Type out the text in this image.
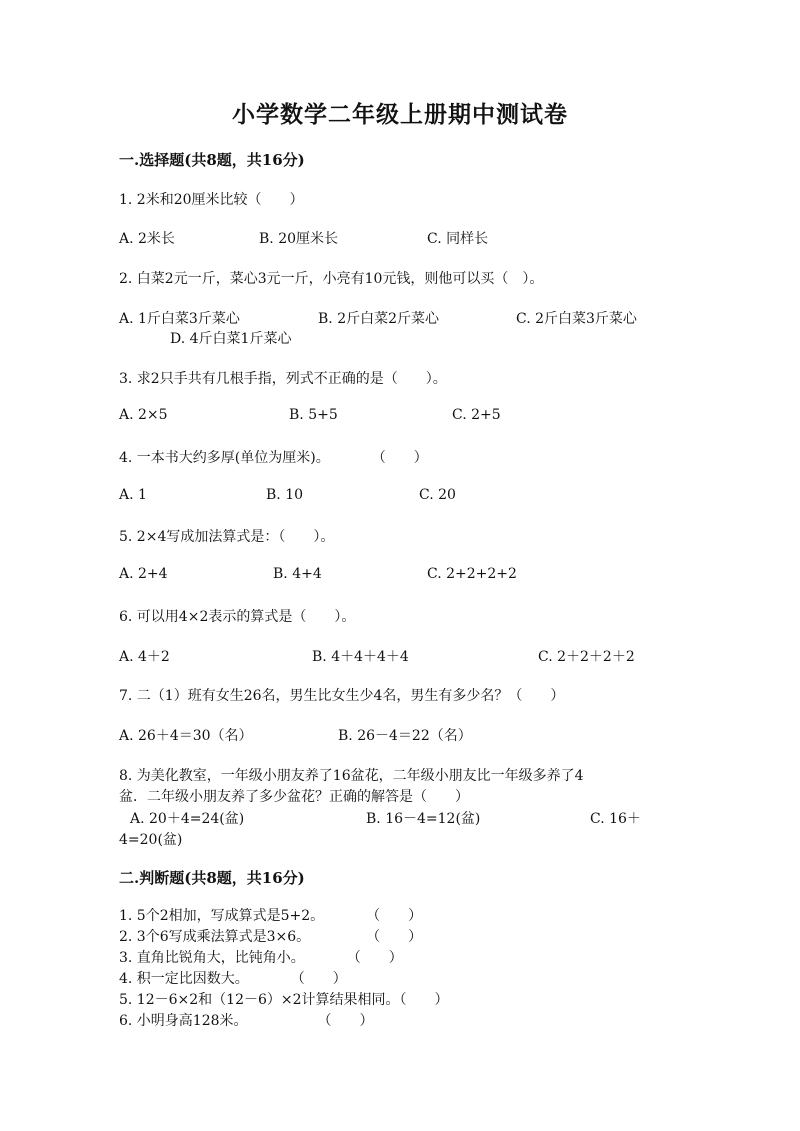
小学数学二年级上册期中测试卷
一.选择题(共8题，共16分)
1. 2米和20厘米比较（　　）
A. 2米长	B. 20厘米长	C. 同样长
2. 白菜2元一斤，菜心3元一斤，小亮有10元钱，则他可以买（　）。
A. 1斤白菜3斤菜心	B. 2斤白菜2斤菜心	C. 2斤白菜3斤菜心
D. 4斤白菜1斤菜心
3. 求2只手共有几根手指，列式不正确的是（　　）。
A. 2×5	B. 5+5	C. 2+5
4. 一本书大约多厚(单位为厘米)。　　　　（　　）
A. 1	B. 10	C. 20
5. 2×4写成加法算式是：（　　）。
A. 2+4	B. 4+4	C. 2+2+2+2
6. 可以用4×2表示的算式是（　　）。
A. 4＋2	B. 4＋4＋4＋4	C. 2＋2＋2＋2
7. 二（1）班有女生26名，男生比女生少4名，男生有多少名？（　　）
A. 26＋4＝30（名）	B. 26－4＝22（名）
8. 为美化教室，一年级小朋友养了16盆花，二年级小朋友比一年级多养了4
盆．二年级小朋友养了多少盆花？正确的解答是（　　）
A. 20＋4=24(盆)	B. 16－4=12(盆)	C. 16＋
4=20(盆)
二.判断题(共8题，共16分)
1. 5个2相加，写成算式是5+2。　　　　（　　）
2. 3个6写成乘法算式是3×6。　　　　　（　　）
3. 直角比锐角大，比钝角小。　　　　（　　）
4. 积一定比因数大。　　　　（　　）
5. 12－6×2和（12－6）×2计算结果相同。（　　）
6. 小明身高128米。　　　　　　（　　）
